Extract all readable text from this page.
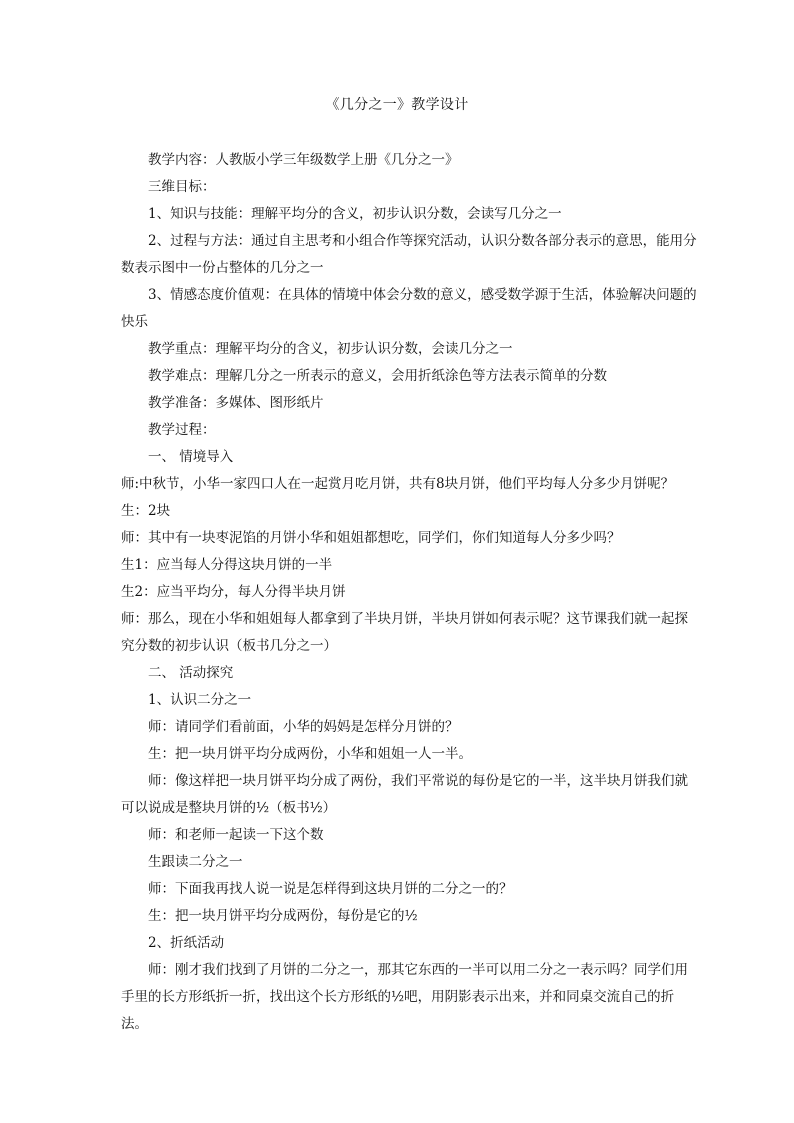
《几分之一》教学设计

教学内容：人教版小学三年级数学上册《几分之一》

三维目标：

1、知识与技能：理解平均分的含义，初步认识分数，会读写几分之一

2、过程与方法：通过自主思考和小组合作等探究活动，认识分数各部分表示的意思，能用分数表示图中一份占整体的几分之一

3、情感态度价值观：在具体的情境中体会分数的意义，感受数学源于生活，体验解决问题的快乐

教学重点：理解平均分的含义，初步认识分数，会读几分之一

教学难点：理解几分之一所表示的意义，会用折纸涂色等方法表示简单的分数

教学准备：多媒体、图形纸片

教学过程：

一、 情境导入

师:中秋节，小华一家四口人在一起赏月吃月饼，共有8块月饼，他们平均每人分多少月饼呢？

生：2块

师：其中有一块枣泥馅的月饼小华和姐姐都想吃，同学们，你们知道每人分多少吗？

生1：应当每人分得这块月饼的一半

生2：应当平均分，每人分得半块月饼

师：那么，现在小华和姐姐每人都拿到了半块月饼，半块月饼如何表示呢？这节课我们就一起探究分数的初步认识（板书几分之一）

二、 活动探究

1、认识二分之一

师：请同学们看前面，小华的妈妈是怎样分月饼的？

生：把一块月饼平均分成两份，小华和姐姐一人一半。

师：像这样把一块月饼平均分成了两份，我们平常说的每份是它的一半，这半块月饼我们就可以说成是整块月饼的½（板书½）

师：和老师一起读一下这个数

生跟读二分之一

师：下面我再找人说一说是怎样得到这块月饼的二分之一的？

生：把一块月饼平均分成两份，每份是它的½

2、折纸活动

师：刚才我们找到了月饼的二分之一，那其它东西的一半可以用二分之一表示吗？同学们用手里的长方形纸折一折，找出这个长方形纸的½吧，用阴影表示出来，并和同桌交流自己的折法。
